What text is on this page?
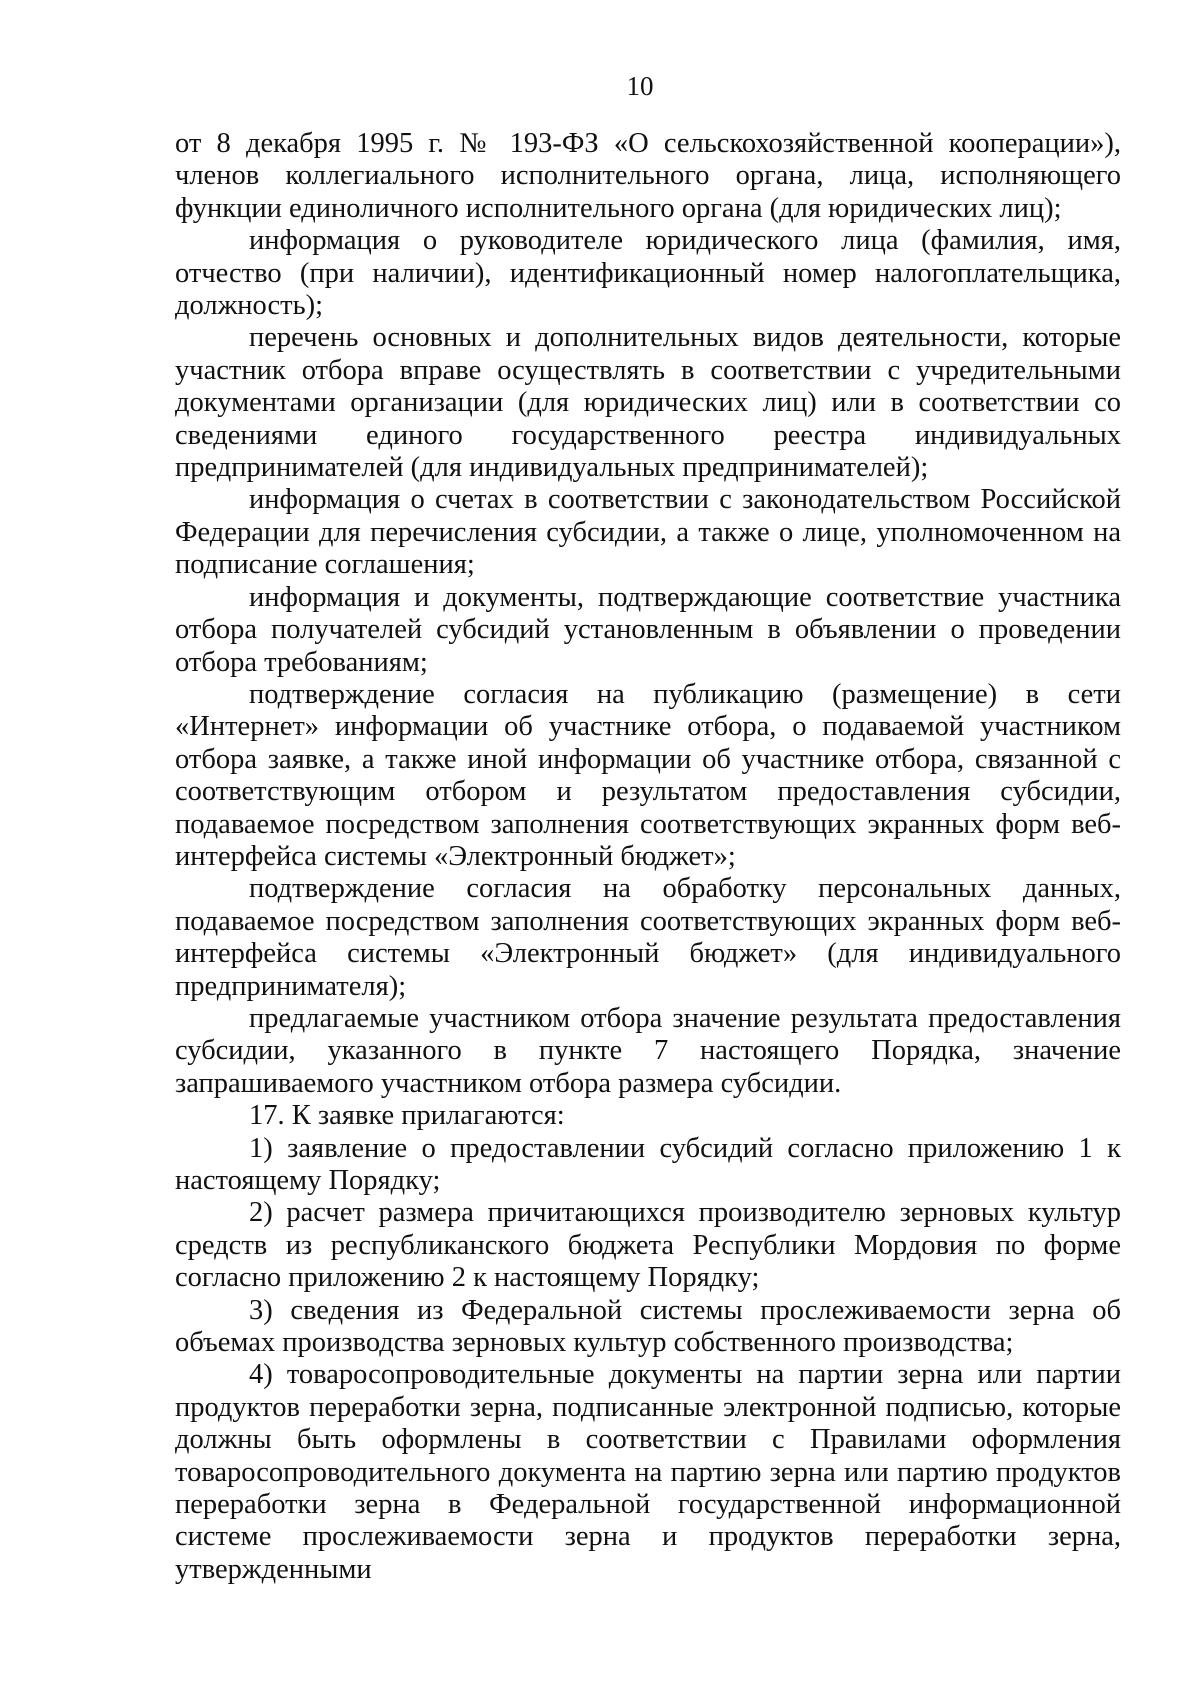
10

от 8 декабря 1995 г. № 193-ФЗ «О сельскохозяйственной кооперации»), членов коллегиального исполнительного органа, лица, исполняющего функции единоличного исполнительного органа (для юридических лиц);

информация о руководителе юридического лица (фамилия, имя, отчество (при наличии), идентификационный номер налогоплательщика, должность);

перечень основных и дополнительных видов деятельности, которые участник отбора вправе осуществлять в соответствии с учредительными документами организации (для юридических лиц) или в соответствии со сведениями единого государственного реестра индивидуальных предпринимателей (для индивидуальных предпринимателей);

информация о счетах в соответствии с законодательством Российской Федерации для перечисления субсидии, а также о лице, уполномоченном на подписание соглашения;

информация и документы, подтверждающие соответствие участника отбора получателей субсидий установленным в объявлении о проведении отбора требованиям;

подтверждение согласия на публикацию (размещение) в сети «Интернет» информации об участнике отбора, о подаваемой участником отбора заявке, а также иной информации об участнике отбора, связанной с соответствующим отбором и результатом предоставления субсидии, подаваемое посредством заполнения соответствующих экранных форм веб-интерфейса системы «Электронный бюджет»;

подтверждение согласия на обработку персональных данных, подаваемое посредством заполнения соответствующих экранных форм веб-интерфейса системы «Электронный бюджет» (для индивидуального предпринимателя);

предлагаемые участником отбора значение результата предоставления субсидии, указанного в пункте 7 настоящего Порядка, значение запрашиваемого участником отбора размера субсидии.

17. К заявке прилагаются:

1) заявление о предоставлении субсидий согласно приложению 1 к настоящему Порядку;

2) расчет размера причитающихся производителю зерновых культур средств из республиканского бюджета Республики Мордовия по форме согласно приложению 2 к настоящему Порядку;

3) сведения из Федеральной системы прослеживаемости зерна об объемах производства зерновых культур собственного производства;

4) товаросопроводительные документы на партии зерна или партии продуктов переработки зерна, подписанные электронной подписью, которые должны быть оформлены в соответствии с Правилами оформления товаросопроводительного документа на партию зерна или партию продуктов переработки зерна в Федеральной государственной информационной системе прослеживаемости зерна и продуктов переработки зерна, утвержденными
